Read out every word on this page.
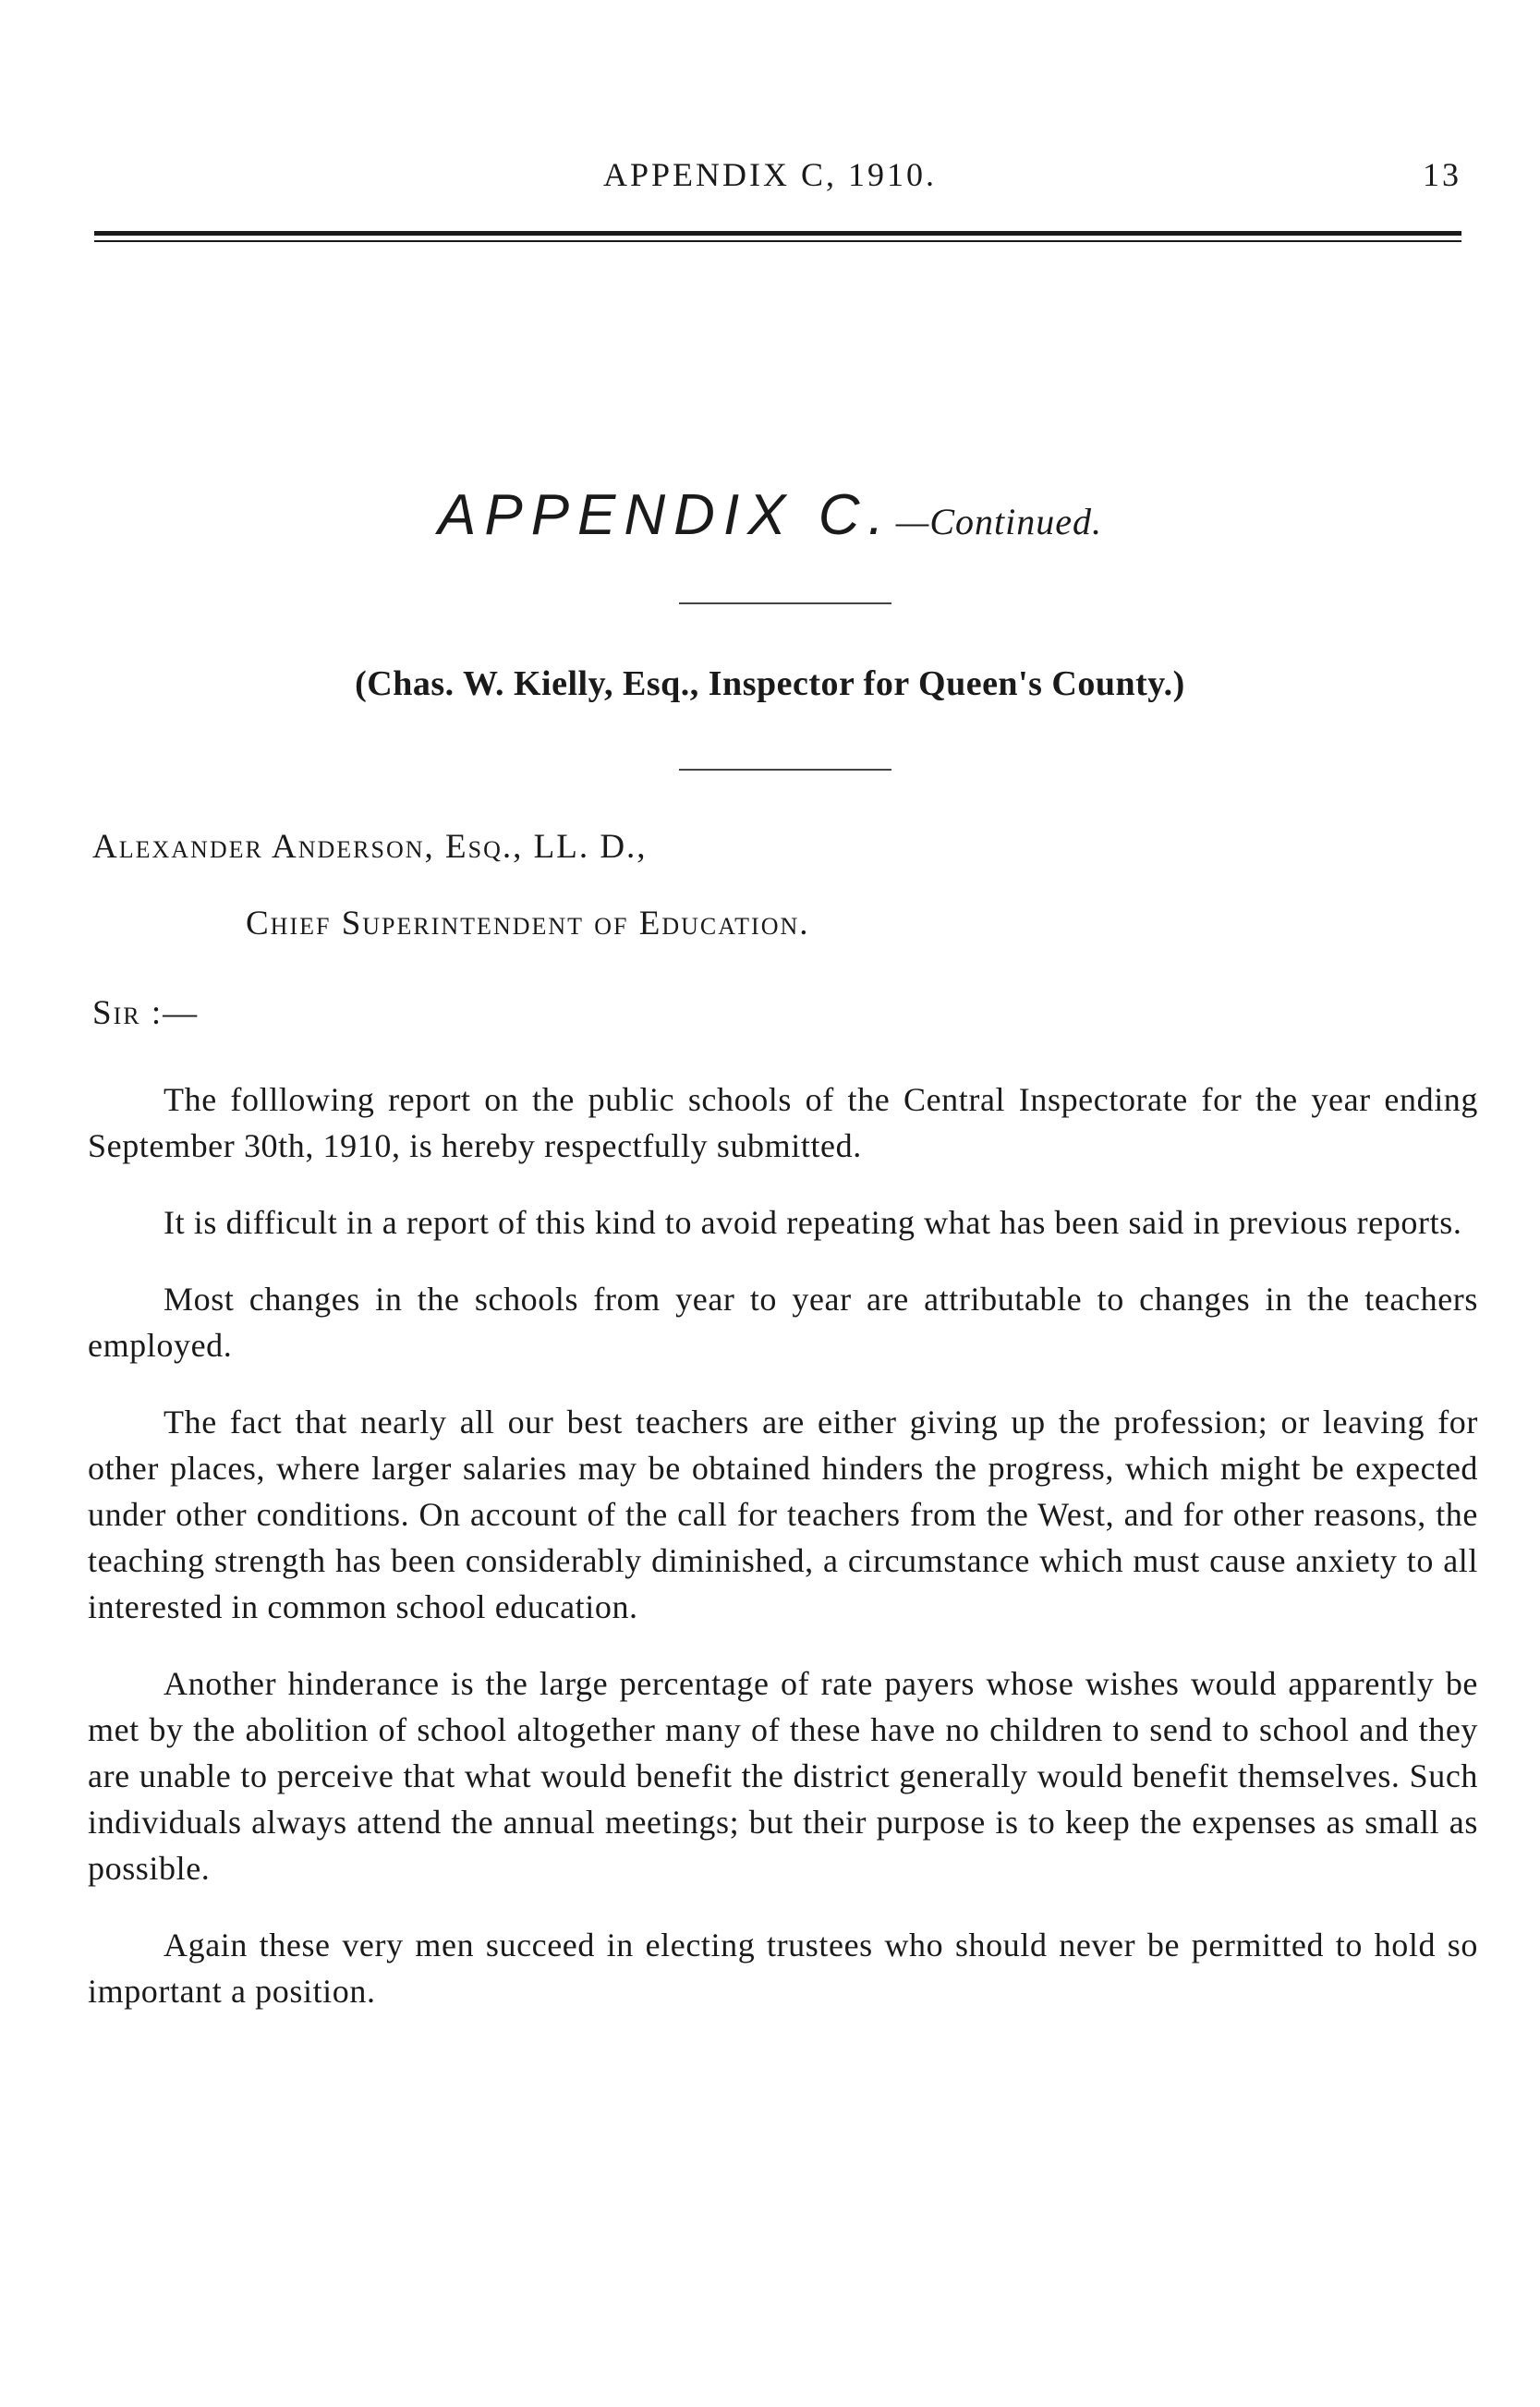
APPENDIX C, 1910.	13
APPENDIX C. —Continued.
(Chas. W. Kielly, Esq., Inspector for Queen's County.)
Alexander Anderson, Esq., LL. D.,
Chief Superintendent of Education.
Sir :—

The folllowing report on the public schools of the Central Inspectorate for the year ending September 30th, 1910, is hereby respectfully submitted.

It is difficult in a report of this kind to avoid repeating what has been said in previous reports.

Most changes in the schools from year to year are attributable to changes in the teachers employed.

The fact that nearly all our best teachers are either giving up the profession; or leaving for other places, where larger salaries may be obtained hinders the progress, which might be expected under other conditions. On account of the call for teachers from the West, and for other reasons, the teaching strength has been considerably diminished, a circumstance which must cause anxiety to all interested in common school education.

Another hinderance is the large percentage of rate payers whose wishes would apparently be met by the abolition of school altogether many of these have no children to send to school and they are unable to perceive that what would benefit the district generally would benefit themselves. Such individuals always attend the annual meetings; but their purpose is to keep the expenses as small as possible.

Again these very men succeed in electing trustees who should never be permitted to hold so important a position.
